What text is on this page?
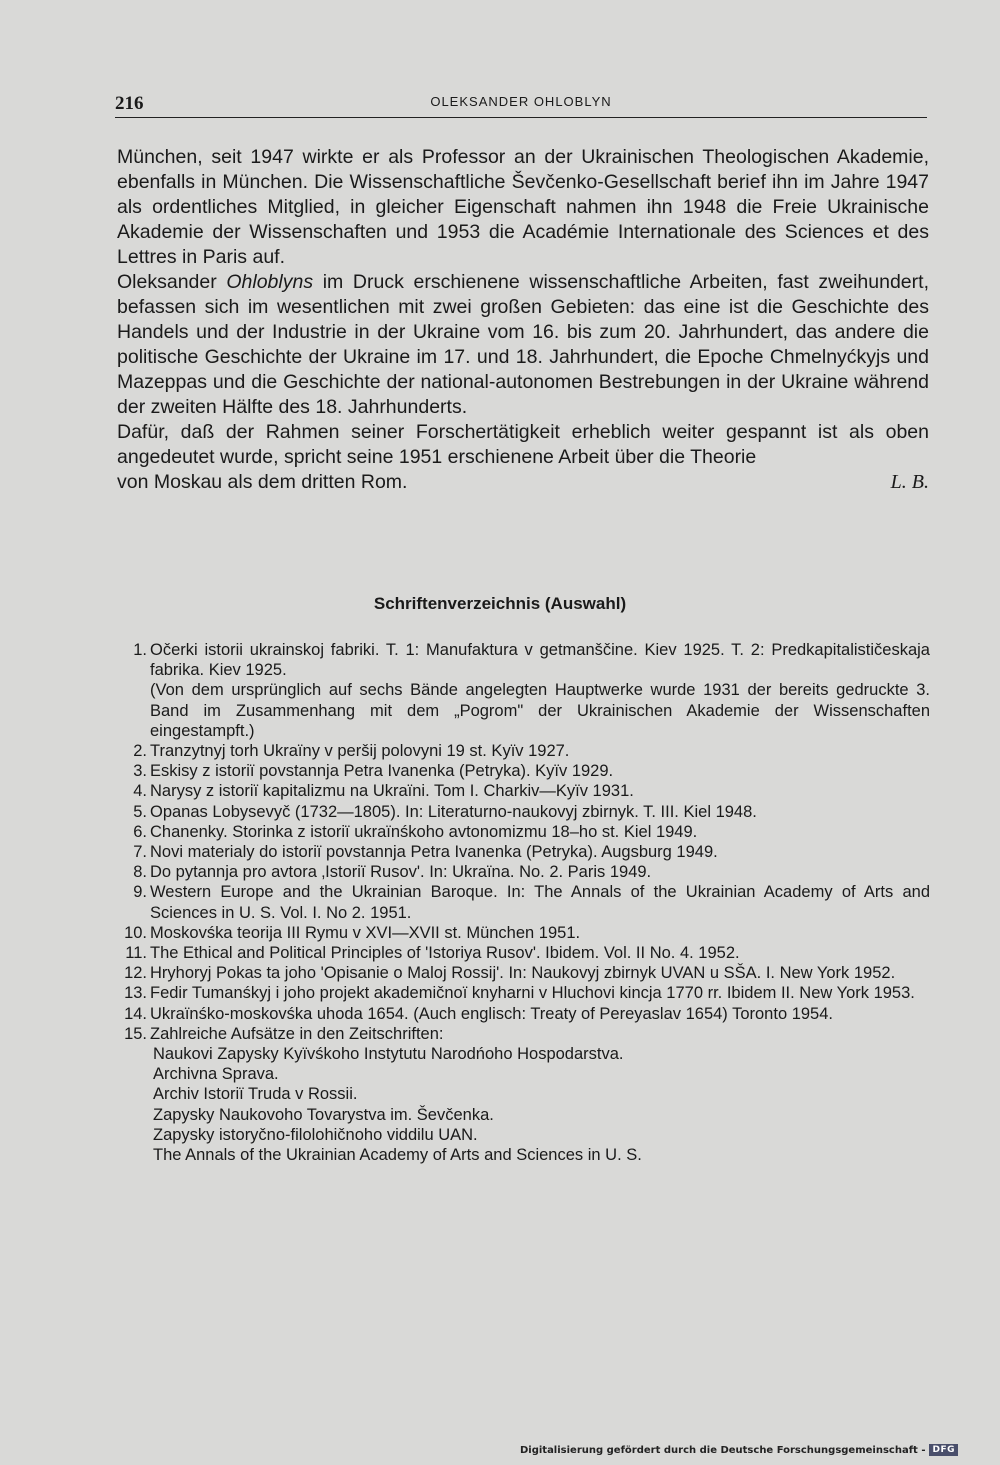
216	OLEKSANDER OHLOBLYN

München, seit 1947 wirkte er als Professor an der Ukrainischen Theologischen Akademie, ebenfalls in München. Die Wissenschaftliche Ševčenko-Gesellschaft berief ihn im Jahre 1947 als ordentliches Mitglied, in gleicher Eigenschaft nahmen ihn 1948 die Freie Ukrainische Akademie der Wissenschaften und 1953 die Académie Internationale des Sciences et des Lettres in Paris auf.

Oleksander Ohloblyns im Druck erschienene wissenschaftliche Arbeiten, fast zweihundert, befassen sich im wesentlichen mit zwei großen Gebieten: das eine ist die Geschichte des Handels und der Industrie in der Ukraine vom 16. bis zum 20. Jahrhundert, das andere die politische Geschichte der Ukraine im 17. und 18. Jahrhundert, die Epoche Chmelnyćkyjs und Mazeppas und die Geschichte der national-autonomen Bestrebungen in der Ukraine während der zweiten Hälfte des 18. Jahrhunderts.

Dafür, daß der Rahmen seiner Forschertätigkeit erheblich weiter gespannt ist als oben angedeutet wurde, spricht seine 1951 erschienene Arbeit über die Theorie

von Moskau als dem dritten Rom.	L. B.
Schriftenverzeichnis (Auswahl)
1. Očerki istorii ukrainskoj fabriki. T. 1: Manufaktura v getmanščine. Kiev 1925. T. 2: Predkapitalističeskaja fabrika. Kiev 1925.
(Von dem ursprünglich auf sechs Bände angelegten Hauptwerke wurde 1931 der bereits gedruckte 3. Band im Zusammenhang mit dem „Pogrom" der Ukrainischen Akademie der Wissenschaften eingestampft.)
2. Tranzytnyj torh Ukraïny v peršij polovyni 19 st. Kyïv 1927.
3. Eskisy z istoriï povstannja Petra Ivanenka (Petryka). Kyïv 1929.
4. Narysy z istoriï kapitalizmu na Ukraïni. Tom I. Charkiv—Kyïv 1931.
5. Opanas Lobysevyč (1732—1805). In: Literaturno-naukovyj zbirnyk. T. III. Kiel 1948.
6. Chanenky. Storinka z istoriï ukraïnśkoho avtonomizmu 18–ho st. Kiel 1949.
7. Novi materialy do istoriï povstannja Petra Ivanenka (Petryka). Augsburg 1949.
8. Do pytannja pro avtora ‚Istoriï Rusov'. In: Ukraïna. No. 2. Paris 1949.
9. Western Europe and the Ukrainian Baroque. In: The Annals of the Ukrainian Academy of Arts and Sciences in U. S. Vol. I. No 2. 1951.
10. Moskovśka teorija III Rymu v XVI—XVII st. München 1951.
11. The Ethical and Political Principles of 'Istoriya Rusov'. Ibidem. Vol. II No. 4. 1952.
12. Hryhoryj Pokas ta joho 'Opisanie o Maloj Rossij'. In: Naukovyj zbirnyk UVAN u SŠA. I. New York 1952.
13. Fedir Tumanśkyj i joho projekt akademičnoï knyharni v Hluchovi kincja 1770 rr. Ibidem II. New York 1953.
14. Ukraïnśko-moskovśka uhoda 1654. (Auch englisch: Treaty of Pereyaslav 1654) Toronto 1954.
15. Zahlreiche Aufsätze in den Zeitschriften:
Naukovi Zapysky Kyïvśkoho Instytutu Narodńoho Hospodarstva.
Archivna Sprava.
Archiv Istoriï Truda v Rossii.
Zapysky Naukovoho Tovarystva im. Ševčenka.
Zapysky istoryčno-filolohičnoho viddilu UAN.
The Annals of the Ukrainian Academy of Arts and Sciences in U. S.
Digitalisierung gefördert durch die Deutsche Forschungsgemeinschaft - DFG
